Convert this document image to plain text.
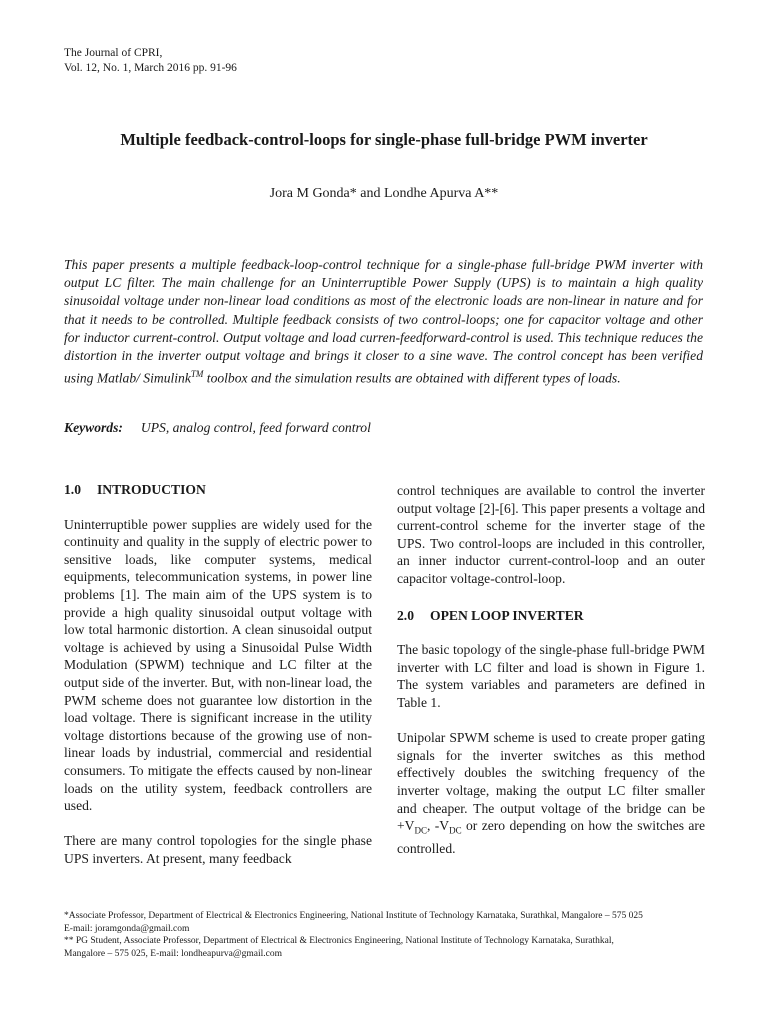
The Journal of CPRI,
Vol. 12, No. 1, March 2016 pp. 91-96
Multiple feedback-control-loops for single-phase full-bridge PWM inverter
Jora M Gonda* and Londhe Apurva A**

This paper presents a multiple feedback-loop-control technique for a single-phase full-bridge PWM inverter with output LC filter. The main challenge for an Uninterruptible Power Supply (UPS) is to maintain a high quality sinusoidal voltage under non-linear load conditions as most of the electronic loads are non-linear in nature and for that it needs to be controlled. Multiple feedback consists of two control-loops; one for capacitor voltage and other for inductor current-control. Output voltage and load curren-feedforward-control is used. This technique reduces the distortion in the inverter output voltage and brings it closer to a sine wave. The control concept has been verified using Matlab/ Simulink™ toolbox and the simulation results are obtained with different types of loads.

Keywords: UPS, analog control, feed forward control
1.0 INTRODUCTION

Uninterruptible power supplies are widely used for the continuity and quality in the supply of electric power to sensitive loads, like computer systems, medical equipments, telecommunication systems, in power line problems [1]. The main aim of the UPS system is to provide a high quality sinusoidal output voltage with low total harmonic distortion. A clean sinusoidal output voltage is achieved by using a Sinusoidal Pulse Width Modulation (SPWM) technique and LC filter at the output side of the inverter. But, with non-linear load, the PWM scheme does not guarantee low distortion in the load voltage. There is significant increase in the utility voltage distortions because of the growing use of non-linear loads by industrial, commercial and residential consumers. To mitigate the effects caused by non-linear loads on the utility system, feedback controllers are used.

There are many control topologies for the single phase UPS inverters. At present, many feedback

control techniques are available to control the inverter output voltage [2]-[6]. This paper presents a voltage and current-control scheme for the inverter stage of the UPS. Two control-loops are included in this controller, an inner inductor current-control-loop and an outer capacitor voltage-control-loop.

2.0 OPEN LOOP INVERTER

The basic topology of the single-phase full-bridge PWM inverter with LC filter and load is shown in Figure 1. The system variables and parameters are defined in Table 1.

Unipolar SPWM scheme is used to create proper gating signals for the inverter switches as this method effectively doubles the switching frequency of the inverter voltage, making the output LC filter smaller and cheaper. The output voltage of the bridge can be $+V_{DC}$, $-V_{DC}$ or zero depending on how the switches are controlled.

*Associate Professor, Department of Electrical & Electronics Engineering, National Institute of Technology Karnataka, Surathkal, Mangalore – 575 025
E-mail: joramgonda@gmail.com
** PG Student, Associate Professor, Department of Electrical & Electronics Engineering, National Institute of Technology Karnataka, Surathkal,
Mangalore – 575 025, E-mail: londheapurva@gmail.com
